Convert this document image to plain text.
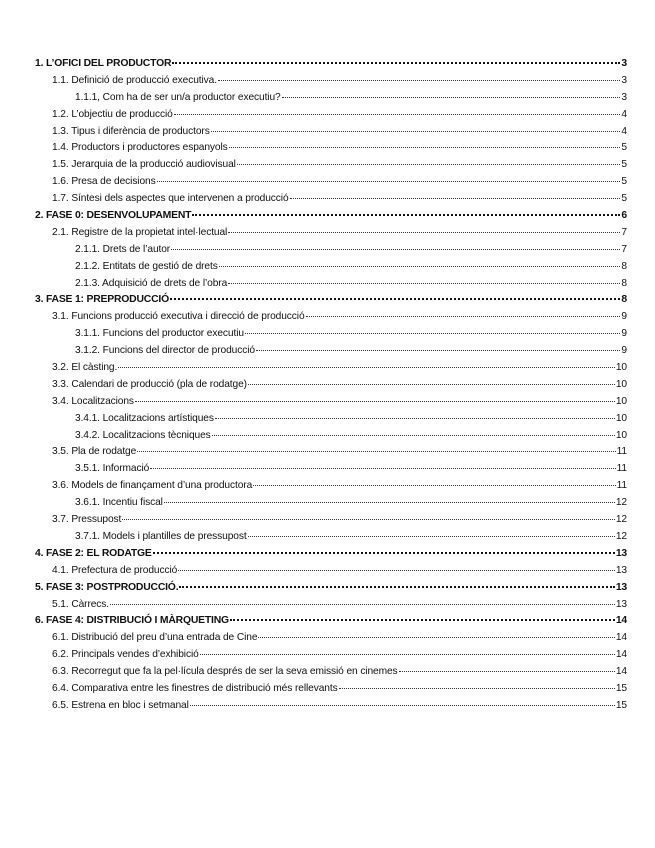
1. L’OFICI DEL PRODUCTOR	3
1.1. Definició de producció executiva.	3
1.1.1, Com ha de ser un/a productor executiu?	3
1.2. L’objectiu de producció	4
1.3. Tipus i diferència de productors	4
1.4. Productors i productores espanyols	5
1.5. Jerarquia de la producció audiovisual	5
1.6. Presa de decisions	5
1.7. Síntesi dels aspectes que intervenen a producció	5
2. FASE 0: DESENVOLUPAMENT	6
2.1. Registre de la propietat intel·lectual	7
2.1.1. Drets de l’autor	7
2.1.2. Entitats de gestió de drets	8
2.1.3. Adquisició de drets de l’obra	8
3. FASE 1: PREPRODUCCIÓ	8
3.1. Funcions producció executiva i direcció de producció	9
3.1.1. Funcions del productor executiu	9
3.1.2. Funcions del director de producció	9
3.2. El càsting.	10
3.3. Calendari de producció (pla de rodatge)	10
3.4. Localitzacions	10
3.4.1. Localitzacions artístiques	10
3.4.2. Localitzacions tècniques	10
3.5. Pla de rodatge	11
3.5.1. Informació	11
3.6. Models de finançament d’una productora	11
3.6.1. Incentiu fiscal	12
3.7. Pressupost	12
3.7.1. Models i plantilles de pressupost	12
4. FASE 2: EL RODATGE	13
4.1. Prefectura de producció	13
5. FASE 3: POSTPRODUCCIÓ.	13
5.1. Càrrecs.	13
6. FASE 4: DISTRIBUCIÓ I MÀRQUETING	14
6.1. Distribució del preu d’una entrada de Cine	14
6.2. Principals vendes d’exhibició	14
6.3. Recorregut que fa la pel·lícula després de ser la seva emissió en cinemes	14
6.4. Comparativa entre les finestres de distribució més rellevants	15
6.5. Estrena en bloc i setmanal	15
